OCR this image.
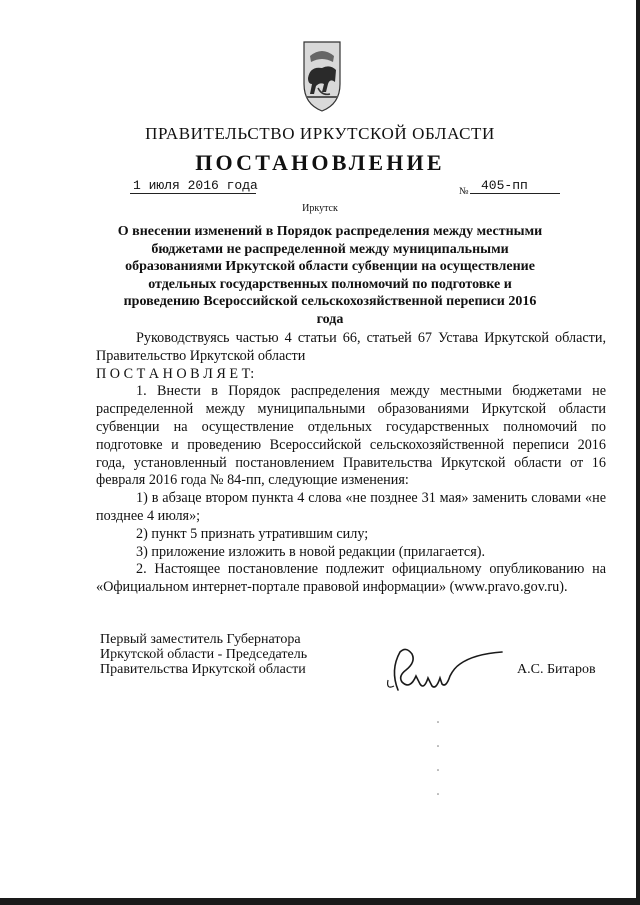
ПРАВИТЕЛЬСТВО ИРКУТСКОЙ ОБЛАСТИ
ПОСТАНОВЛЕНИЕ
1 июля 2016 года	№ 405-пп
Иркутск
О внесении изменений в Порядок распределения между местными бюджетами не распределенной между муниципальными образованиями Иркутской области субвенции на осуществление отдельных государственных полномочий по подготовке и проведению Всероссийской сельскохозяйственной переписи 2016 года

Руководствуясь частью 4 статьи 66, статьей 67 Устава Иркутской области, Правительство Иркутской области

П О С Т А Н О В Л Я Е Т:

1. Внести в Порядок распределения между местными бюджетами не распределенной между муниципальными образованиями Иркутской области субвенции на осуществление отдельных государственных полномочий по подготовке и проведению Всероссийской сельскохозяйственной переписи 2016 года, установленный постановлением Правительства Иркутской области от 16 февраля 2016 года № 84-пп, следующие изменения:

1) в абзаце втором пункта 4 слова «не позднее 31 мая» заменить словами «не позднее 4 июля»;

2) пункт 5 признать утратившим силу;

3) приложение изложить в новой редакции (прилагается).

2. Настоящее постановление подлежит официальному опубликованию на «Официальном интернет-портале правовой информации» (www.pravo.gov.ru).

Первый заместитель Губернатора
Иркутской области - Председатель
Правительства Иркутской области	А.С. Битаров
